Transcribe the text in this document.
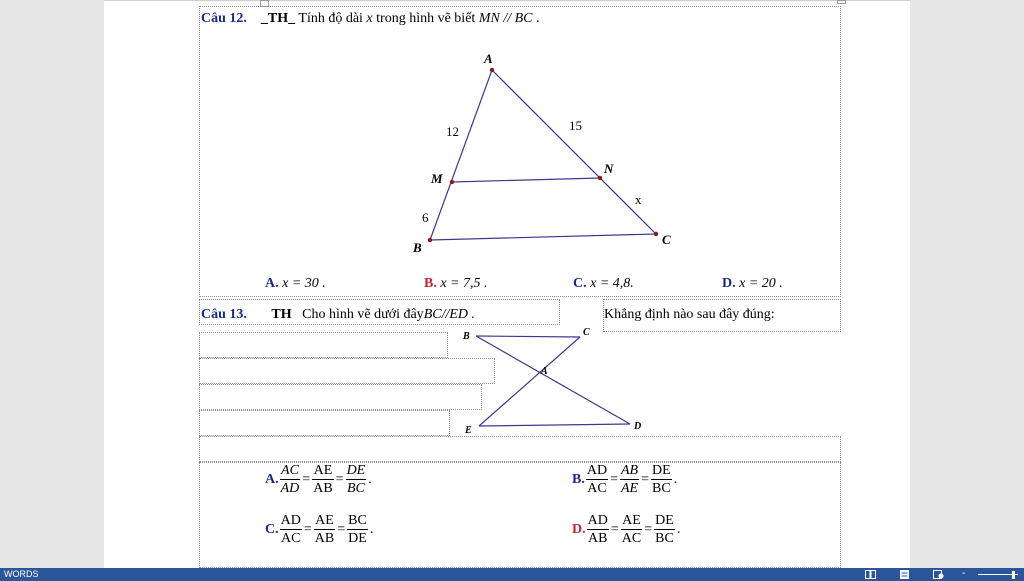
Câu 12. _TH_ Tính độ dài x trong hình vẽ biết MN // BC .
A
M
N
B
C
12	15
6
x
A. x = 30 .	B. x = 7,5 .	C. x = 4,8.	D. x = 20 .
Câu 13. TH Cho hình vẽ dưới đâyBC//ED .	Khẳng định nào sau đây đúng:
B	C
A
E	D
A. $\frac{AC}{AD} = \frac{AE}{AB} = \frac{DE}{BC}$ .	B. $\frac{AD}{AC} = \frac{AB}{AE} = \frac{DE}{BC}$ .
C. $\frac{AD}{AC} = \frac{AE}{AB} = \frac{BC}{DE}$ .	D. $\frac{AD}{AB} = \frac{AE}{AC} = \frac{DE}{BC}$ .
WORDS	-
